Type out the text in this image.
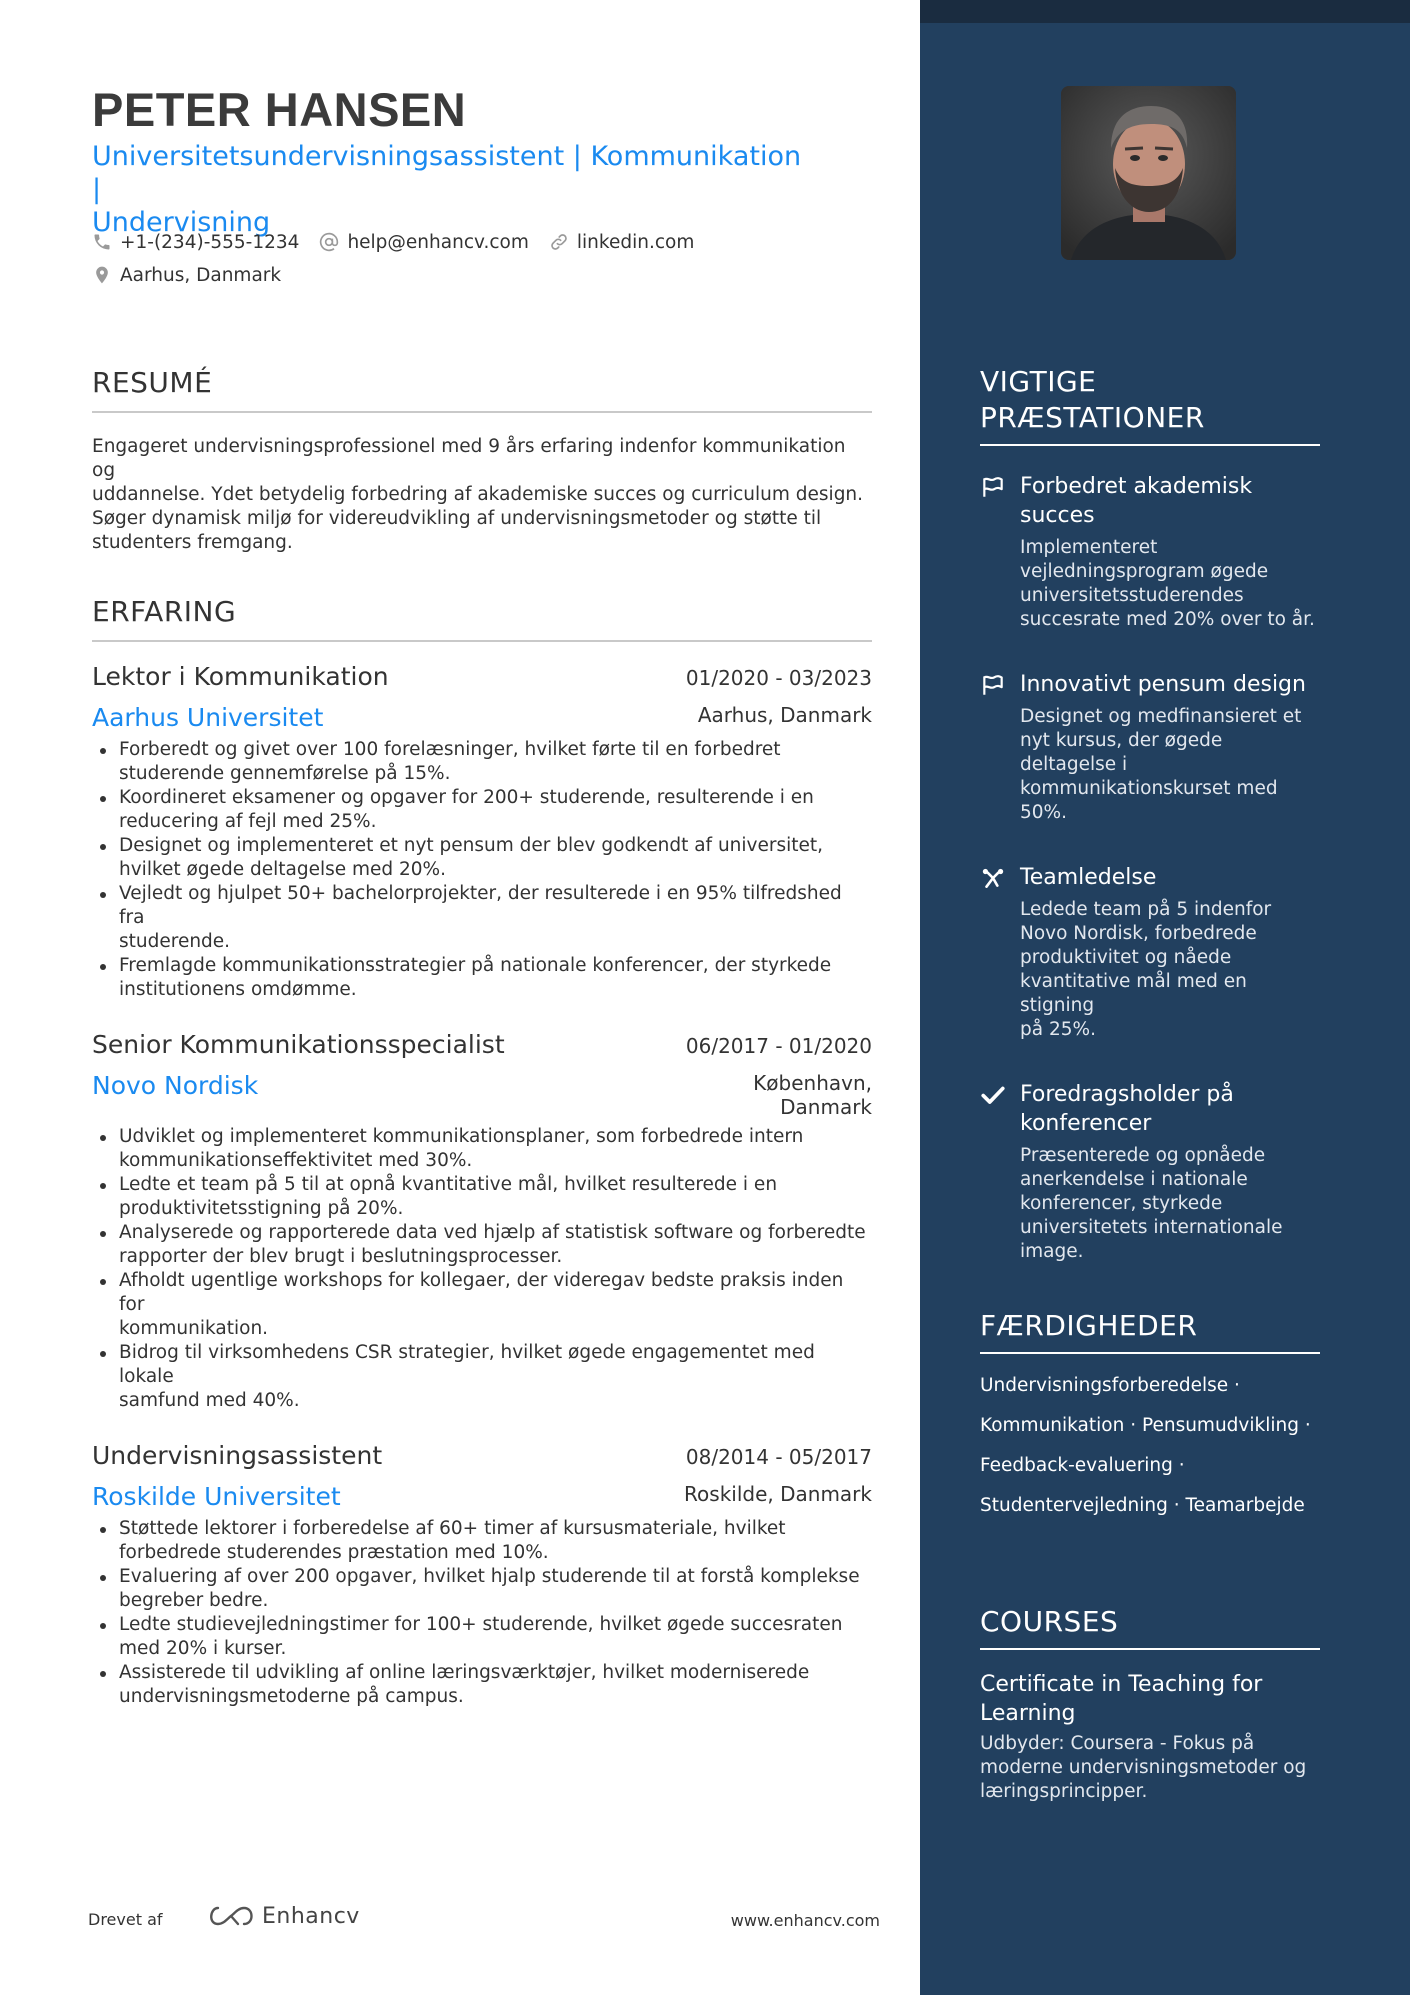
PETER HANSEN
Universitetsundervisningsassistent | Kommunikation |
Undervisning
+1-(234)-555-1234	help@enhancv.com	linkedin.com
Aarhus, Danmark
RESUMÉ
Engageret undervisningsprofessionel med 9 års erfaring indenfor kommunikation og
uddannelse. Ydet betydelig forbedring af akademiske succes og curriculum design.
Søger dynamisk miljø for videreudvikling af undervisningsmetoder og støtte til
studenters fremgang.
ERFARING
Lektor i Kommunikation	01/2020 - 03/2023
Aarhus Universitet	Aarhus, Danmark
Forberedt og givet over 100 forelæsninger, hvilket førte til en forbedret
studerende gennemførelse på 15%.
Koordineret eksamener og opgaver for 200+ studerende, resulterende i en
reducering af fejl med 25%.
Designet og implementeret et nyt pensum der blev godkendt af universitet,
hvilket øgede deltagelse med 20%.
Vejledt og hjulpet 50+ bachelorprojekter, der resulterede i en 95% tilfredshed fra
studerende.
Fremlagde kommunikationsstrategier på nationale konferencer, der styrkede
institutionens omdømme.
Senior Kommunikationsspecialist	06/2017 - 01/2020
Novo Nordisk	København,
Danmark
Udviklet og implementeret kommunikationsplaner, som forbedrede intern
kommunikationseffektivitet med 30%.
Ledte et team på 5 til at opnå kvantitative mål, hvilket resulterede i en
produktivitetsstigning på 20%.
Analyserede og rapporterede data ved hjælp af statistisk software og forberedte
rapporter der blev brugt i beslutningsprocesser.
Afholdt ugentlige workshops for kollegaer, der videregav bedste praksis inden for
kommunikation.
Bidrog til virksomhedens CSR strategier, hvilket øgede engagementet med lokale
samfund med 40%.
Undervisningsassistent	08/2014 - 05/2017
Roskilde Universitet	Roskilde, Danmark
Støttede lektorer i forberedelse af 60+ timer af kursusmateriale, hvilket
forbedrede studerendes præstation med 10%.
Evaluering af over 200 opgaver, hvilket hjalp studerende til at forstå komplekse
begreber bedre.
Ledte studievejledningstimer for 100+ studerende, hvilket øgede succesraten
med 20% i kurser.
Assisterede til udvikling af online læringsværktøjer, hvilket moderniserede
undervisningsmetoderne på campus.
Drevet af	Enhancv	www.enhancv.com
VIGTIGE
PRÆSTATIONER
Forbedret akademisk
succes
Implementeret
vejledningsprogram øgede
universitetsstuderendes
succesrate med 20% over to år.
Innovativt pensum design
Designet og medfinansieret et
nyt kursus, der øgede
deltagelse i
kommunikationskurset med
50%.
Teamledelse
Ledede team på 5 indenfor
Novo Nordisk, forbedrede
produktivitet og nåede
kvantitative mål med en stigning
på 25%.
Foredragsholder på
konferencer
Præsenterede og opnåede
anerkendelse i nationale
konferencer, styrkede
universitetets internationale
image.
FÆRDIGHEDER
Undervisningsforberedelse ·
Kommunikation · Pensumudvikling ·
Feedback-evaluering ·
Studentervejledning · Teamarbejde
COURSES
Certificate in Teaching for
Learning
Udbyder: Coursera - Fokus på
moderne undervisningsmetoder og
læringsprincipper.
